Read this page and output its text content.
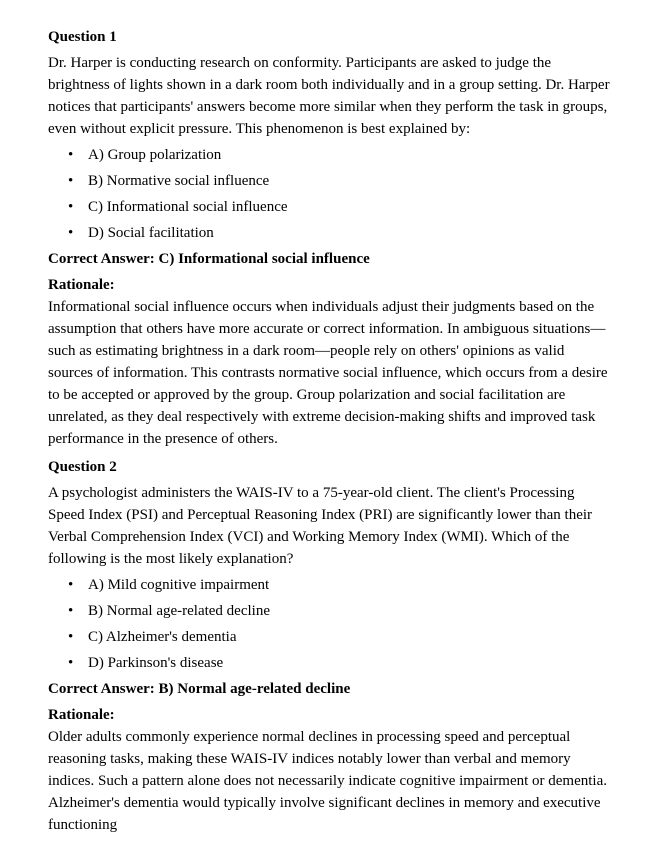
Question 1

Dr. Harper is conducting research on conformity. Participants are asked to judge the brightness of lights shown in a dark room both individually and in a group setting. Dr. Harper notices that participants' answers become more similar when they perform the task in groups, even without explicit pressure. This phenomenon is best explained by:

• A) Group polarization
• B) Normative social influence
• C) Informational social influence
• D) Social facilitation

Correct Answer: C) Informational social influence

Rationale:
Informational social influence occurs when individuals adjust their judgments based on the assumption that others have more accurate or correct information. In ambiguous situations—such as estimating brightness in a dark room—people rely on others' opinions as valid sources of information. This contrasts normative social influence, which occurs from a desire to be accepted or approved by the group. Group polarization and social facilitation are unrelated, as they deal respectively with extreme decision-making shifts and improved task performance in the presence of others.

Question 2

A psychologist administers the WAIS-IV to a 75-year-old client. The client's Processing Speed Index (PSI) and Perceptual Reasoning Index (PRI) are significantly lower than their Verbal Comprehension Index (VCI) and Working Memory Index (WMI). Which of the following is the most likely explanation?

• A) Mild cognitive impairment
• B) Normal age-related decline
• C) Alzheimer's dementia
• D) Parkinson's disease

Correct Answer: B) Normal age-related decline

Rationale:
Older adults commonly experience normal declines in processing speed and perceptual reasoning tasks, making these WAIS-IV indices notably lower than verbal and memory indices. Such a pattern alone does not necessarily indicate cognitive impairment or dementia. Alzheimer's dementia would typically involve significant declines in memory and executive functioning
